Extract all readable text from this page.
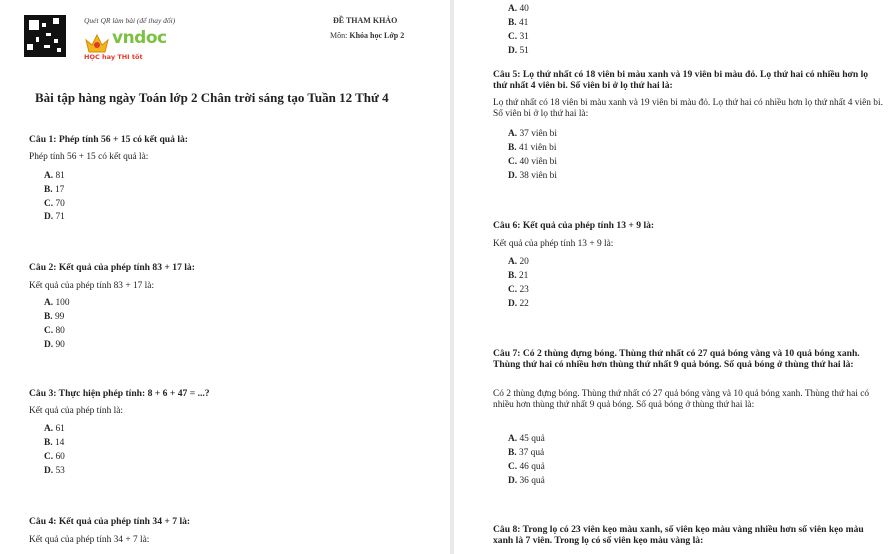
Quét QR làm bài (để thay đổi)
vndoc
HỌC hay THI tốt
ĐỀ THAM KHẢO
Môn: Khóa học Lớp 2
Bài tập hàng ngày Toán lớp 2 Chân trời sáng tạo Tuần 12 Thứ 4
Câu 1: Phép tính 56 + 15 có kết quả là:
Phép tính 56 + 15 có kết quả là:
A. 81
B. 17
C. 70
D. 71
Câu 2: Kết quả của phép tính 83 + 17 là:
Kết quả của phép tính 83 + 17 là:
A. 100
B. 99
C. 80
D. 90
Câu 3: Thực hiện phép tính: 8 + 6 + 47 = ...?
Kết quả của phép tính là:
A. 61
B. 14
C. 60
D. 53
Câu 4: Kết quả của phép tính 34 + 7 là:
Kết quả của phép tính 34 + 7 là:
A. 40
B. 41
C. 31
D. 51
Câu 5: Lọ thứ nhất có 18 viên bi màu xanh và 19 viên bi màu đỏ. Lọ thứ hai có nhiều hơn lọ thứ nhất 4 viên bi. Số viên bi ở lọ thứ hai là:
Lọ thứ nhất có 18 viên bi màu xanh và 19 viên bi màu đỏ. Lọ thứ hai có nhiều hơn lọ thứ nhất 4 viên bi. Số viên bi ở lọ thứ hai là:
A. 37 viên bi
B. 41 viên bi
C. 40 viên bi
D. 38 viên bi
Câu 6: Kết quả của phép tính 13 + 9 là:
Kết quả của phép tính 13 + 9 là:
A. 20
B. 21
C. 23
D. 22
Câu 7: Có 2 thùng đựng bóng. Thùng thứ nhất có 27 quả bóng vàng và 10 quả bóng xanh. Thùng thứ hai có nhiều hơn thùng thứ nhất 9 quả bóng. Số quả bóng ở thùng thứ hai là:
Có 2 thùng đựng bóng. Thùng thứ nhất có 27 quả bóng vàng và 10 quả bóng xanh. Thùng thứ hai có nhiều hơn thùng thứ nhất 9 quả bóng. Số quả bóng ở thùng thứ hai là:
A. 45 quả
B. 37 quả
C. 46 quả
D. 36 quả
Câu 8: Trong lọ có 23 viên kẹo màu xanh, số viên kẹo màu vàng nhiều hơn số viên kẹo màu xanh là 7 viên. Trong lọ có số viên kẹo màu vàng là:
